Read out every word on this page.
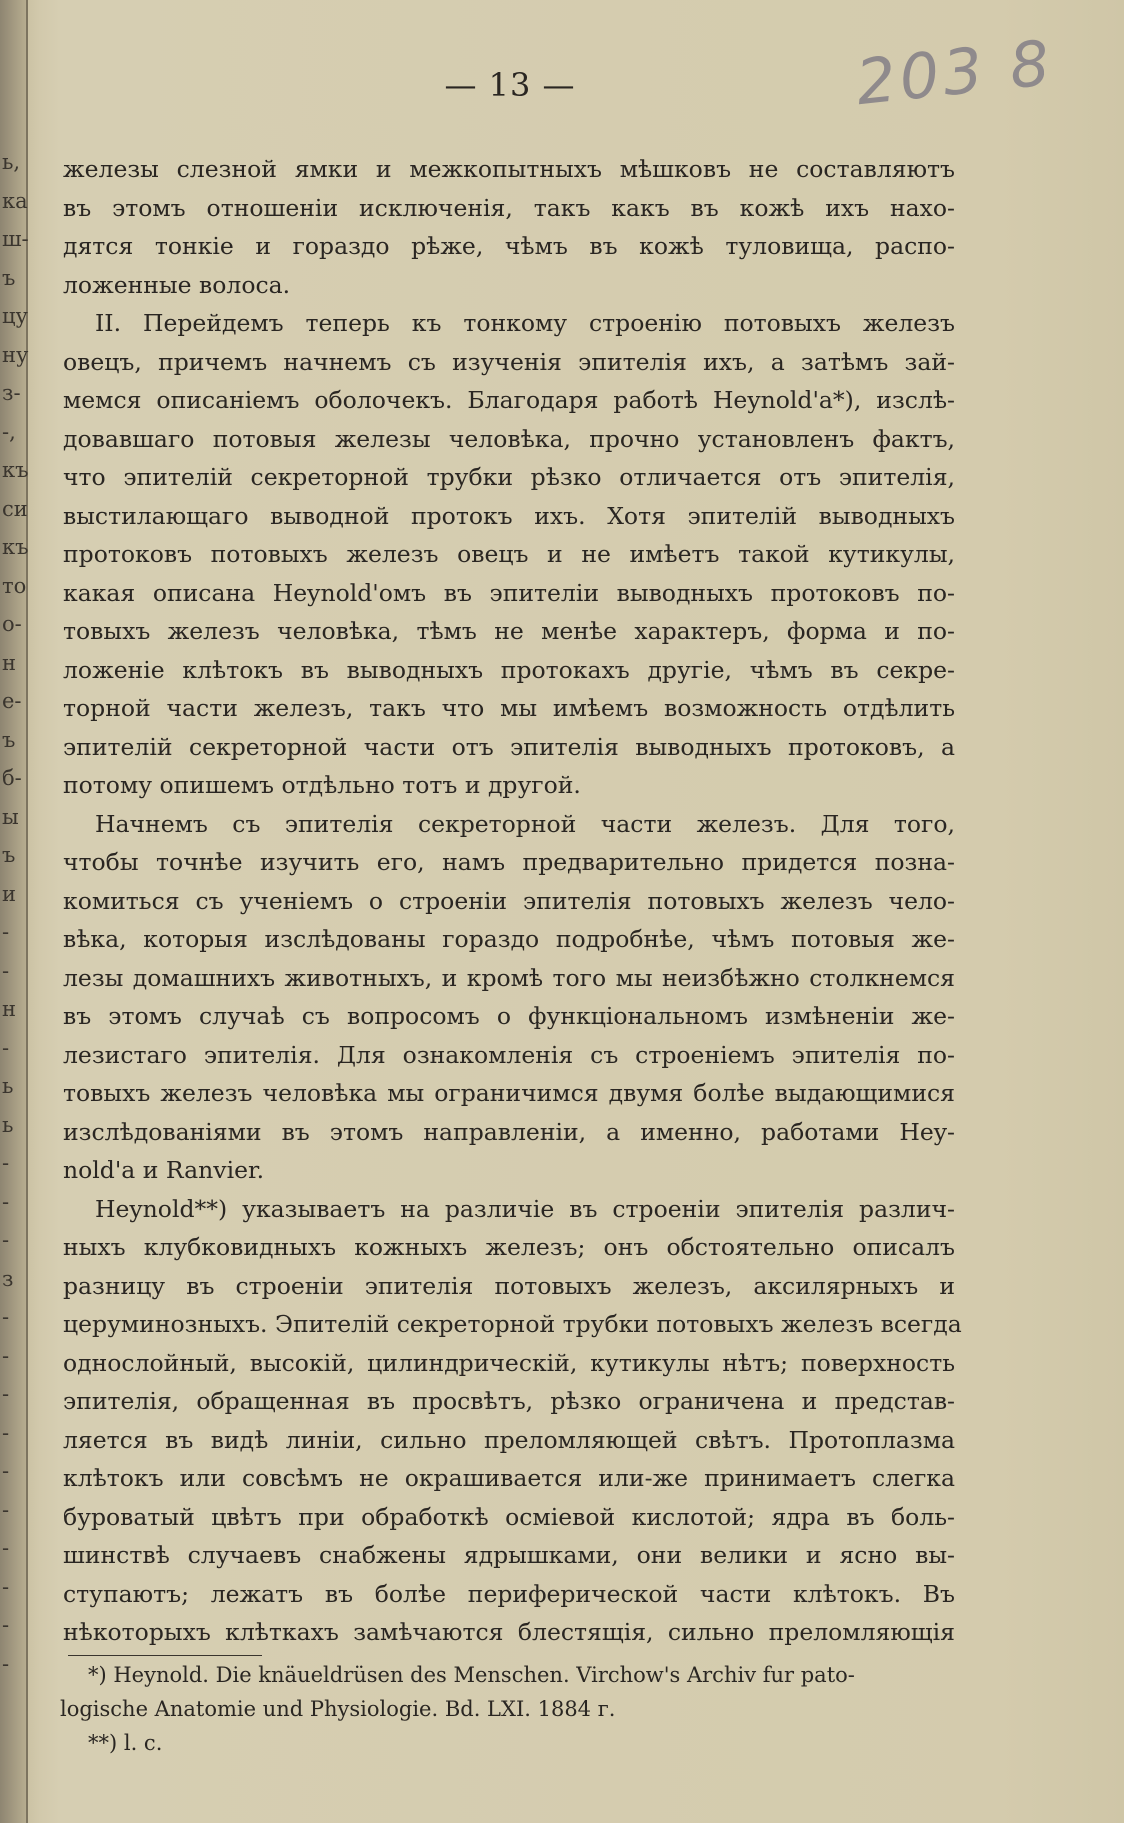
ь,
ка
ш-
ъ
цу
ну
з-
-,
къ
си
къ
то
о-
н
е-
ъ
б-
ы
ъ
и
-
-
н
-
ь
ь
-
-
-
з
-
-
-
-
-
-
-
-
-
-
— 13 —	203 8
железы слезной ямки и межкопытныхъ мѣшковъ не составляютъ
въ этомъ отношеніи исключенія, такъ какъ въ кожѣ ихъ нахо-
дятся тонкіе и гораздо рѣже, чѣмъ въ кожѣ туловища, распо-
ложенные волоса.
II. Перейдемъ теперь къ тонкому строенію потовыхъ железъ
овецъ, причемъ начнемъ съ изученія эпителія ихъ, а затѣмъ зай-
мемся описаніемъ оболочекъ. Благодаря работѣ Heynold'a*), изслѣ-
довавшаго потовыя железы человѣка, прочно установленъ фактъ,
что эпителій секреторной трубки рѣзко отличается отъ эпителія,
выстилающаго выводной протокъ ихъ. Хотя эпителій выводныхъ
протоковъ потовыхъ железъ овецъ и не имѣетъ такой кутикулы,
какая описана Heynold'омъ въ эпителіи выводныхъ протоковъ по-
товыхъ железъ человѣка, тѣмъ не менѣе характеръ, форма и по-
ложеніе клѣтокъ въ выводныхъ протокахъ другіе, чѣмъ въ секре-
торной части железъ, такъ что мы имѣемъ возможность отдѣлить
эпителій секреторной части отъ эпителія выводныхъ протоковъ, а
потому опишемъ отдѣльно тотъ и другой.
Начнемъ съ эпителія секреторной части железъ. Для того,
чтобы точнѣе изучить его, намъ предварительно придется позна-
комиться съ ученіемъ о строеніи эпителія потовыхъ железъ чело-
вѣка, которыя изслѣдованы гораздо подробнѣе, чѣмъ потовыя же-
лезы домашнихъ животныхъ, и кромѣ того мы неизбѣжно столкнемся
въ этомъ случаѣ съ вопросомъ о функціональномъ измѣненіи же-
лезистаго эпителія. Для ознакомленія съ строеніемъ эпителія по-
товыхъ железъ человѣка мы ограничимся двумя болѣе выдающимися
изслѣдованіями въ этомъ направленіи, а именно, работами Hey-
nold'a и Ranvier.
Heynold**) указываетъ на различіе въ строеніи эпителія различ-
ныхъ клубковидныхъ кожныхъ железъ; онъ обстоятельно описалъ
разницу въ строеніи эпителія потовыхъ железъ, аксилярныхъ и
церуминозныхъ. Эпителій секреторной трубки потовыхъ железъ всегда
однослойный, высокій, цилиндрическій, кутикулы нѣтъ; поверхность
эпителія, обращенная въ просвѣтъ, рѣзко ограничена и представ-
ляется въ видѣ линіи, сильно преломляющей свѣтъ. Протоплазма
клѣтокъ или совсѣмъ не окрашивается или-же принимаетъ слегка
буроватый цвѣтъ при обработкѣ осміевой кислотой; ядра въ боль-
шинствѣ случаевъ снабжены ядрышками, они велики и ясно вы-
ступаютъ; лежатъ въ болѣе периферической части клѣтокъ. Въ
нѣкоторыхъ клѣткахъ замѣчаются блестящія, сильно преломляющія
*) Heynold. Die knäueldrüsen des Menschen. Virchow's Archiv fur pato-
logische Anatomie und Physiologie. Bd. LXI. 1884 г.
**) l. c.
